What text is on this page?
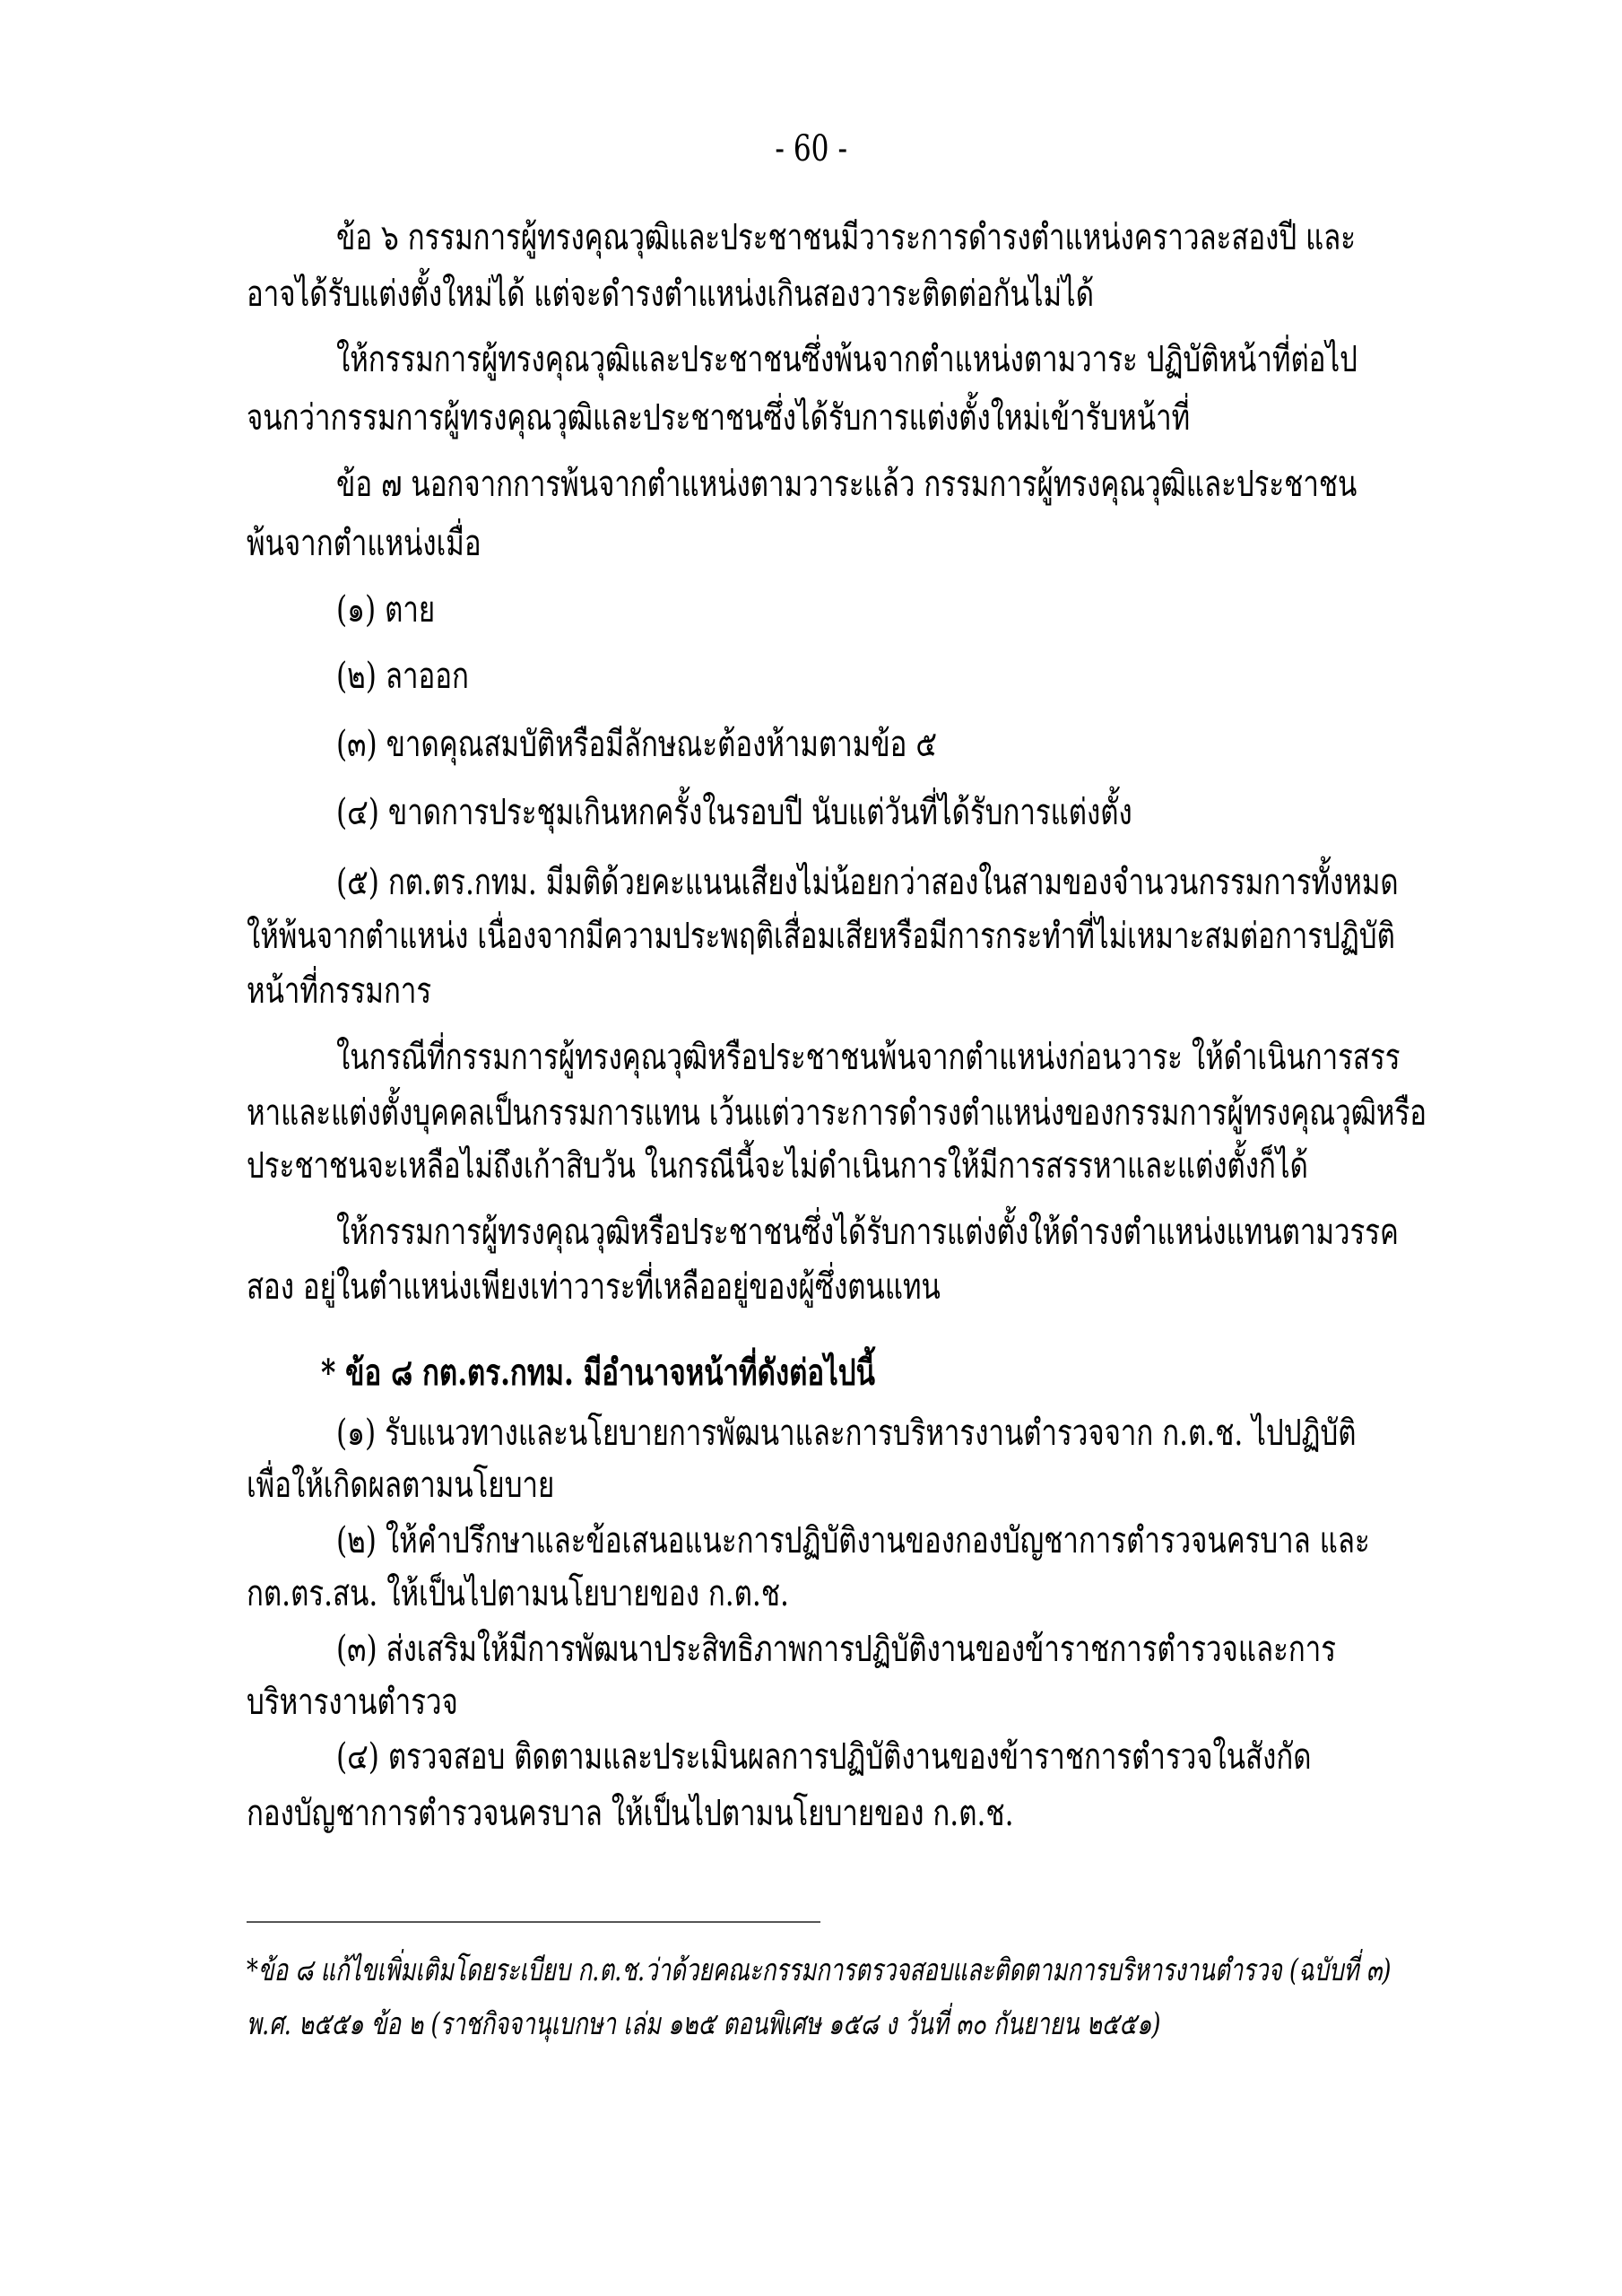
- 60 -
ข้อ ๖ กรรมการผู้ทรงคุณวุฒิและประชาชนมีวาระการดำรงตำแหน่งคราวละสองปี และ
อาจได้รับแต่งตั้งใหม่ได้ แต่จะดำรงตำแหน่งเกินสองวาระติดต่อกันไม่ได้
ให้กรรมการผู้ทรงคุณวุฒิและประชาชนซึ่งพ้นจากตำแหน่งตามวาระ ปฏิบัติหน้าที่ต่อไป
จนกว่ากรรมการผู้ทรงคุณวุฒิและประชาชนซึ่งได้รับการแต่งตั้งใหม่เข้ารับหน้าที่
ข้อ ๗ นอกจากการพ้นจากตำแหน่งตามวาระแล้ว กรรมการผู้ทรงคุณวุฒิและประชาชน
พ้นจากตำแหน่งเมื่อ
(๑) ตาย
(๒) ลาออก
(๓) ขาดคุณสมบัติหรือมีลักษณะต้องห้ามตามข้อ ๕
(๔) ขาดการประชุมเกินหกครั้งในรอบปี นับแต่วันที่ได้รับการแต่งตั้ง
(๕) กต.ตร.กทม. มีมติด้วยคะแนนเสียงไม่น้อยกว่าสองในสามของจำนวนกรรมการทั้งหมด
ให้พ้นจากตำแหน่ง เนื่องจากมีความประพฤติเสื่อมเสียหรือมีการกระทำที่ไม่เหมาะสมต่อการปฏิบัติ
หน้าที่กรรมการ
ในกรณีที่กรรมการผู้ทรงคุณวุฒิหรือประชาชนพ้นจากตำแหน่งก่อนวาระ ให้ดำเนินการสรร
หาและแต่งตั้งบุคคลเป็นกรรมการแทน เว้นแต่วาระการดำรงตำแหน่งของกรรมการผู้ทรงคุณวุฒิหรือ
ประชาชนจะเหลือไม่ถึงเก้าสิบวัน ในกรณีนี้จะไม่ดำเนินการให้มีการสรรหาและแต่งตั้งก็ได้
ให้กรรมการผู้ทรงคุณวุฒิหรือประชาชนซึ่งได้รับการแต่งตั้งให้ดำรงตำแหน่งแทนตามวรรค
สอง อยู่ในตำแหน่งเพียงเท่าวาระที่เหลืออยู่ของผู้ซึ่งตนแทน
* ข้อ ๘ กต.ตร.กทม. มีอำนาจหน้าที่ดังต่อไปนี้
(๑) รับแนวทางและนโยบายการพัฒนาและการบริหารงานตำรวจจาก ก.ต.ช. ไปปฏิบัติ
เพื่อให้เกิดผลตามนโยบาย
(๒) ให้คำปรึกษาและข้อเสนอแนะการปฏิบัติงานของกองบัญชาการตำรวจนครบาล และ
กต.ตร.สน. ให้เป็นไปตามนโยบายของ ก.ต.ช.
(๓) ส่งเสริมให้มีการพัฒนาประสิทธิภาพการปฏิบัติงานของข้าราชการตำรวจและการ
บริหารงานตำรวจ
(๔) ตรวจสอบ ติดตามและประเมินผลการปฏิบัติงานของข้าราชการตำรวจในสังกัด
กองบัญชาการตำรวจนครบาล ให้เป็นไปตามนโยบายของ ก.ต.ช.
*ข้อ ๘ แก้ไขเพิ่มเติมโดยระเบียบ ก.ต.ช.ว่าด้วยคณะกรรมการตรวจสอบและติดตามการบริหารงานตำรวจ (ฉบับที่ ๓)
พ.ศ. ๒๕๕๑ ข้อ ๒ (ราชกิจจานุเบกษา เล่ม ๑๒๕ ตอนพิเศษ ๑๕๘ ง วันที่ ๓๐ กันยายน ๒๕๕๑)
